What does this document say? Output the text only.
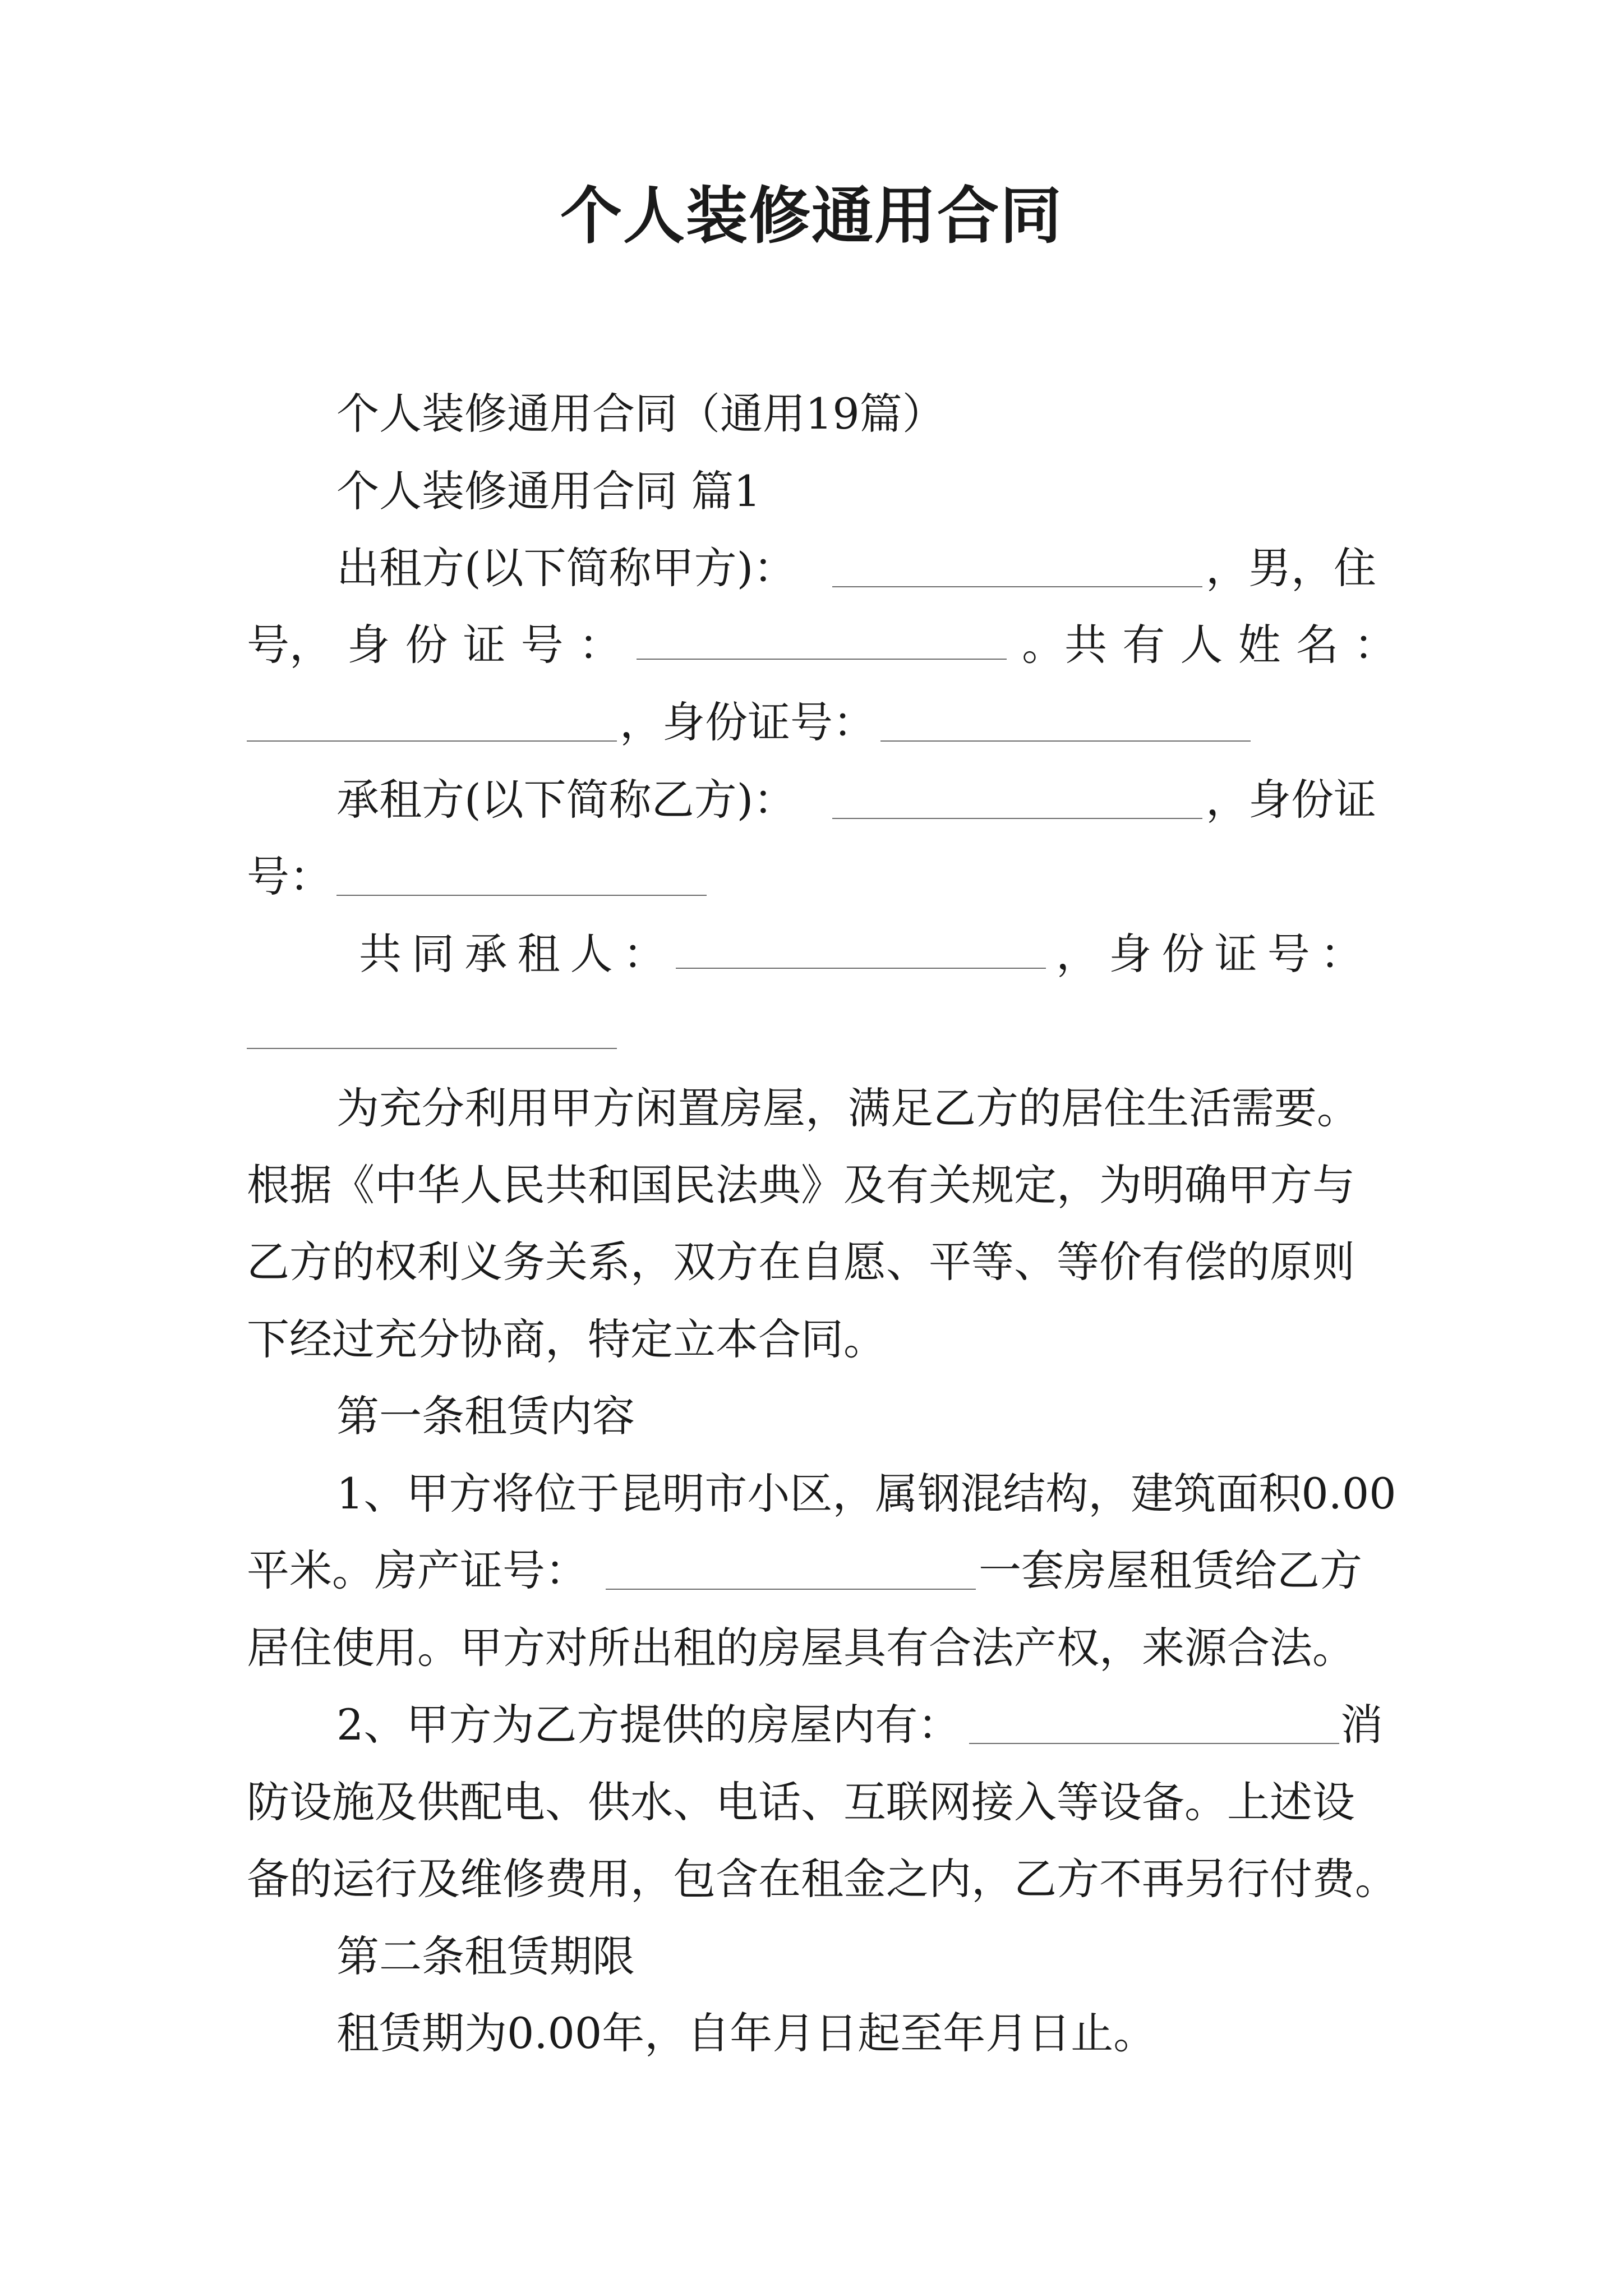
个人装修通用合同
个人装修通用合同（通用19篇）
个人装修通用合同 篇1
出租方(以下简称甲方)：	，男，住
号， 身 份 证 号 ：	。共 有 人 姓 名 ：
，身份证号：
承租方(以下简称乙方)：	，身份证
号：
共 同 承 租 人 ：	， 身 份 证 号 ：
为充分利用甲方闲置房屋，满足乙方的居住生活需要。
根据《中华人民共和国民法典》及有关规定，为明确甲方与
乙方的权利义务关系，双方在自愿、平等、等价有偿的原则
下经过充分协商，特定立本合同。
第一条租赁内容
1、甲方将位于昆明市小区，属钢混结构，建筑面积0.00
平米。房产证号：	一套房屋租赁给乙方
居住使用。甲方对所出租的房屋具有合法产权，来源合法。
2、甲方为乙方提供的房屋内有：	消
防设施及供配电、供水、电话、互联网接入等设备。上述设
备的运行及维修费用，包含在租金之内，乙方不再另行付费。
第二条租赁期限
租赁期为0.00年，自年月日起至年月日止。
